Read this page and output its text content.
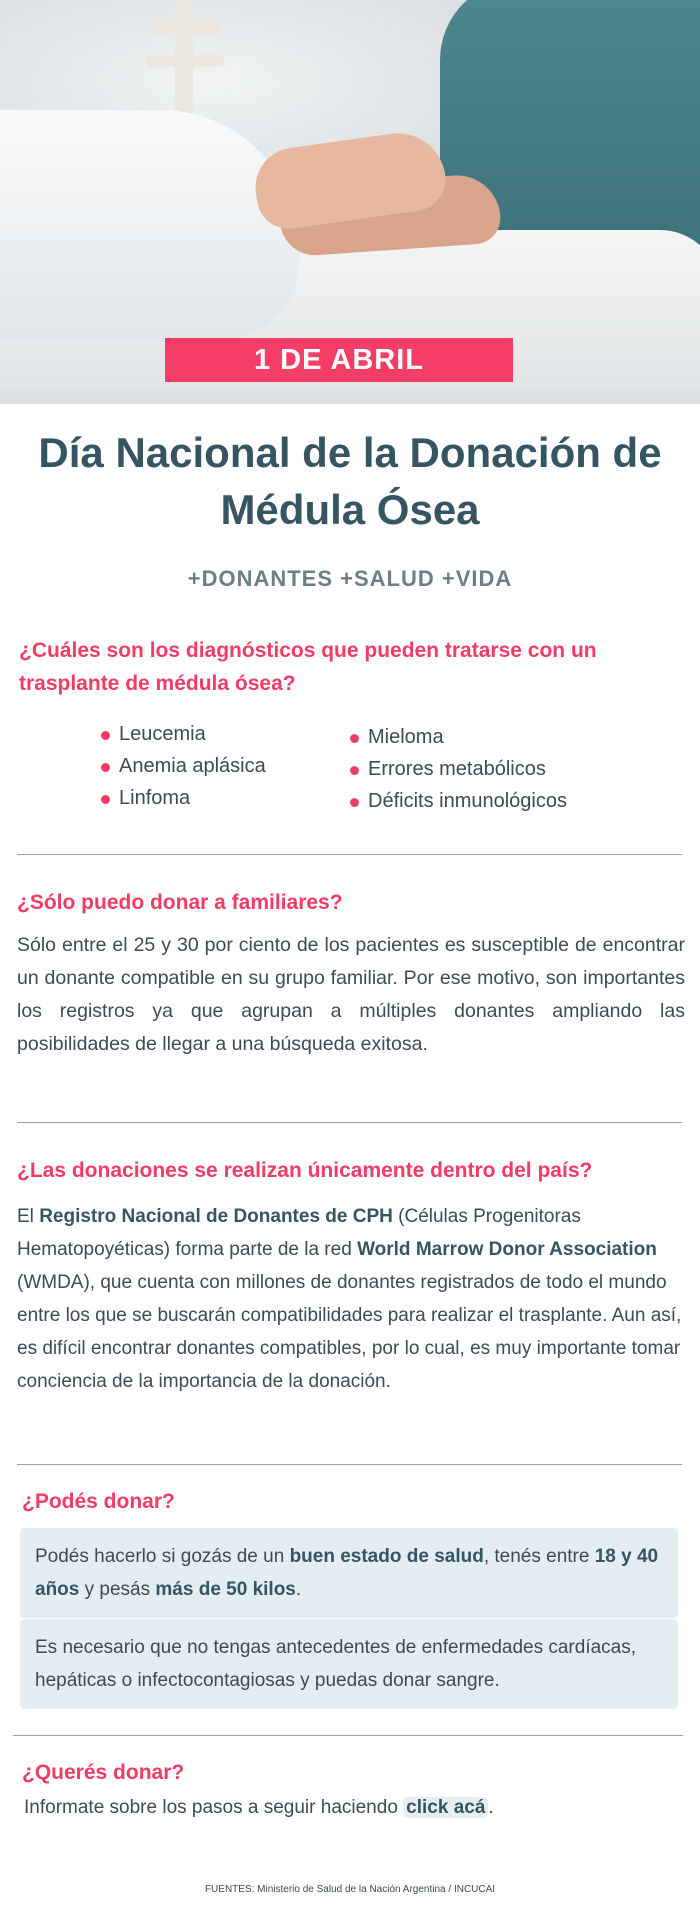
1 DE ABRIL
Día Nacional de la Donación de Médula Ósea
+DONANTES +SALUD +VIDA
¿Cuáles son los diagnósticos que pueden tratarse con un trasplante de médula ósea?
Leucemia
Anemia aplásica
Linfoma
Mieloma
Errores metabólicos
Déficits inmunológicos
¿Sólo puedo donar a familiares?

Sólo entre el 25 y 30 por ciento de los pacientes es susceptible de encontrar un donante compatible en su grupo familiar. Por ese motivo, son importantes los registros ya que agrupan a múltiples donantes ampliando las posibilidades de llegar a una búsqueda exitosa.

¿Las donaciones se realizan únicamente dentro del país?

El Registro Nacional de Donantes de CPH (Células Progenitoras Hematopoyéticas) forma parte de la red World Marrow Donor Association (WMDA), que cuenta con millones de donantes registrados de todo el mundo entre los que se buscarán compatibilidades para realizar el trasplante. Aun así, es difícil encontrar donantes compatibles, por lo cual, es muy importante tomar conciencia de la importancia de la donación.

¿Podés donar?

Podés hacerlo si gozás de un buen estado de salud, tenés entre 18 y 40 años y pesás más de 50 kilos.

Es necesario que no tengas antecedentes de enfermedades cardíacas, hepáticas o infectocontagiosas y puedas donar sangre.

¿Querés donar?

Informate sobre los pasos a seguir haciendo click acá .

FUENTES: Ministerio de Salud de la Nación Argentina / INCUCAI
